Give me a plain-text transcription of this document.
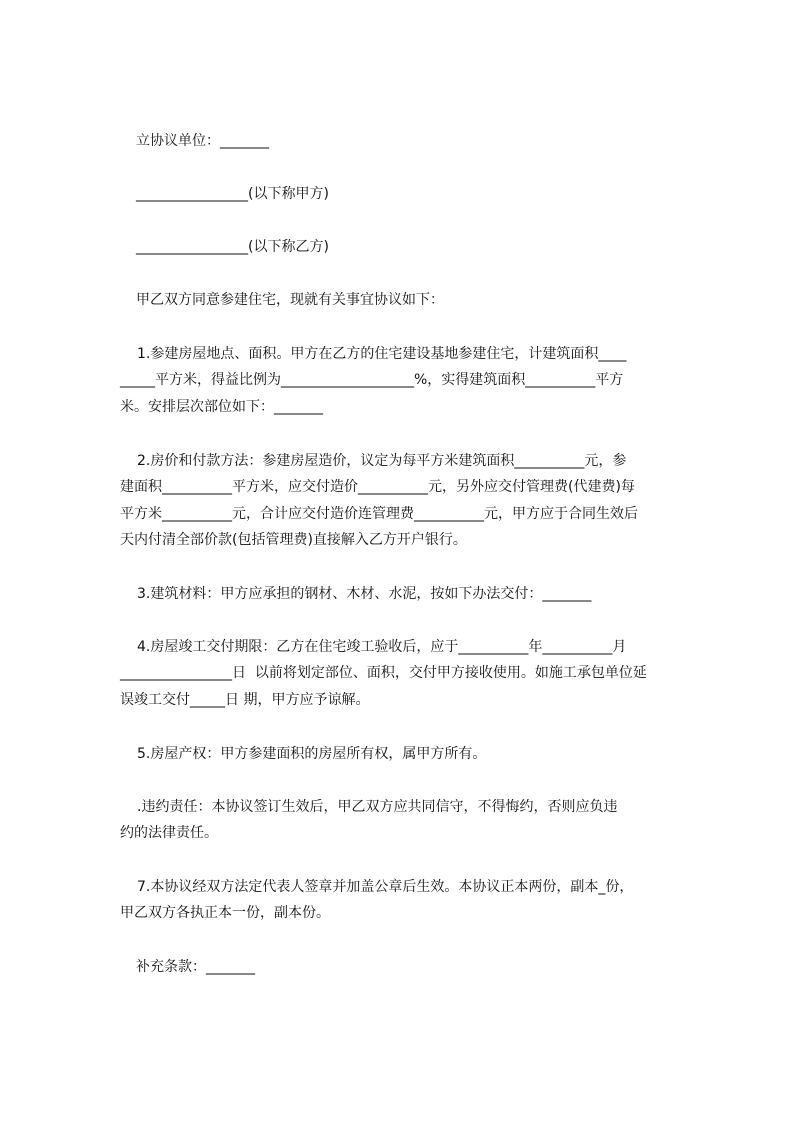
立协议单位：_______
________________(以下称甲方)
________________(以下称乙方)
甲乙双方同意参建住宅，现就有关事宜协议如下：
1.参建房屋地点、面积。甲方在乙方的住宅建设基地参建住宅，计建筑面积____
_____平方米，得益比例为___________________%，实得建筑面积__________平方
米。安排层次部位如下：_______
2.房价和付款方法：参建房屋造价，议定为每平方米建筑面积__________元，参
建面积__________平方米，应交付造价__________元，另外应交付管理费(代建费)每
平方米__________元，合计应交付造价连管理费__________元，甲方应于合同生效后
天内付清全部价款(包括管理费)直接解入乙方开户银行。
3.建筑材料：甲方应承担的钢材、木材、水泥，按如下办法交付：_______
4.房屋竣工交付期限：乙方在住宅竣工验收后，应于__________年__________月
________________日  以前将划定部位、面积，交付甲方接收使用。如施工承包单位延
误竣工交付_____日 期，甲方应予谅解。
5.房屋产权：甲方参建面积的房屋所有权，属甲方所有。
.违约责任：本协议签订生效后，甲乙双方应共同信守，不得悔约，否则应负违
约的法律责任。
7.本协议经双方法定代表人签章并加盖公章后生效。本协议正本两份，副本_份，
甲乙双方各执正本一份，副本份。
补充条款：_______
